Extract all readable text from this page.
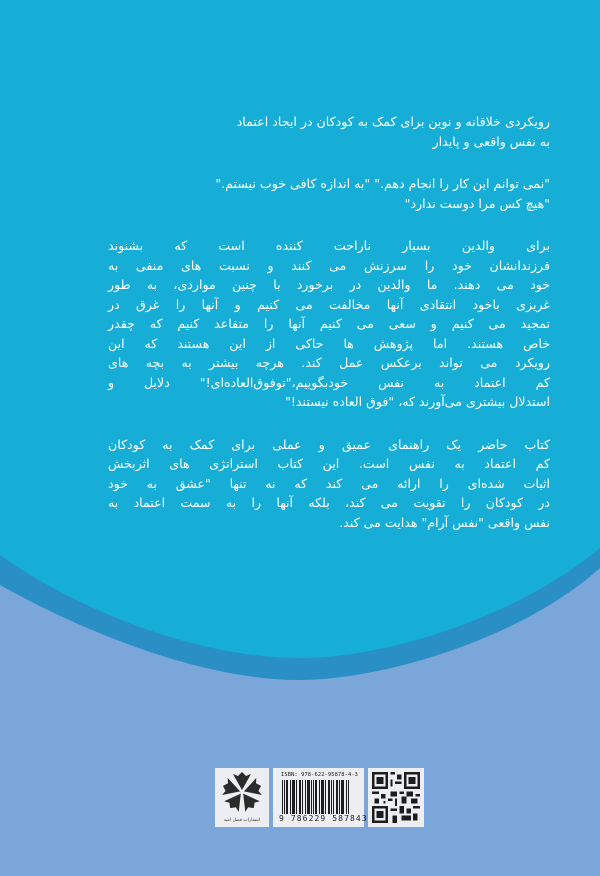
رویکردی خلاقانه و نوین برای کمک به کودکان در ایجاد اعتماد
به نفس واقعی و پایدار
"نمی توانم این کار را انجام دهم." "به اندازه کافی خوب نیستم."
"هیچ کس مرا دوست ندارد"
برای والدین بسیار ناراحت کننده است که بشنوند
فرزندانشان خود را سرزنش می کنند و نسبت های منفی به
خود می دهند. ما والدین در برخورد با چنین مواردی، به طور
غریزی باخود انتقادی آنها مخالفت می کنیم و آنها را غرق در
تمجید می کنیم و سعی می کنیم آنها را متقاعد کنیم که چقدر
خاص هستند. اما پژوهش ها حاکی از این هستند که این
رویکرد می تواند برعکس عمل کند. هرچه بیشتر به بچه های
کم اعتماد به نفس خودبگوییم،"توفوق‌العاده‌ای!" دلایل و
استدلال بیشتری می‌آورند که، "فوق العاده نیستند!"
کتاب حاضر یک راهنمای عمیق و عملی برای کمک به کودکان
کم اعتماد به نفس است. این کتاب استراتژی های اثربخش
اثبات شده‌ای را ارائه می کند که نه تنها "عشق به خود
در کودکان را تقویت می کند، بلکه آنها را به سمت اعتماد به
نفس واقعی "نفس آرام" هدایت می کند.
انتشارات فصل امید
ISBN: 978-622-95878-4-3
9 786229 587843
